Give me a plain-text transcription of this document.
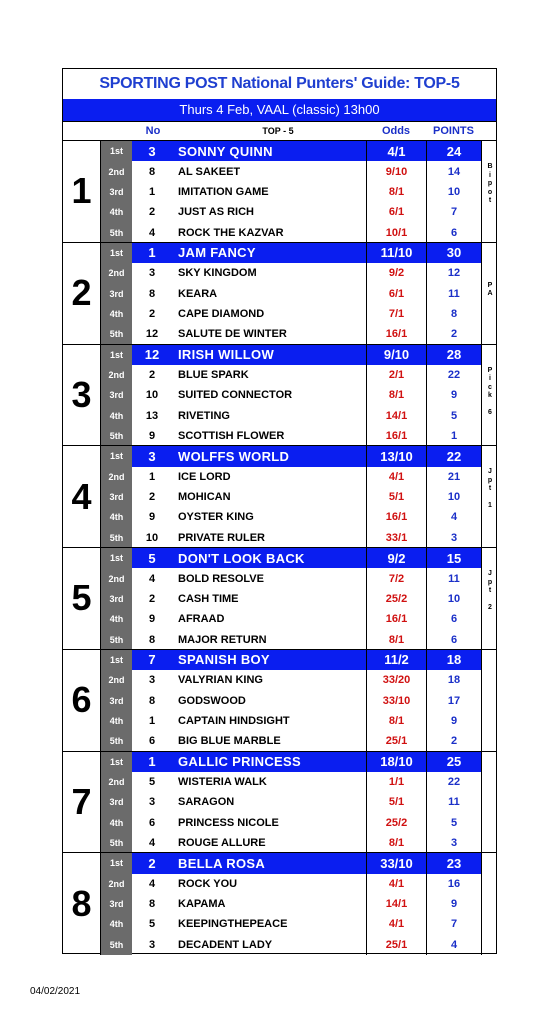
SPORTING POST National Punters' Guide: TOP-5
Thurs 4 Feb, VAAL (classic) 13h00
No	TOP - 5	Odds	POINTS
1
1st	3	SONNY QUINN	4/1	24
2nd	8	AL SAKEET	9/10	14
3rd	1	IMITATION GAME	8/1	10
4th	2	JUST AS RICH	6/1	7
5th	4	ROCK THE KAZVAR	10/1	6
B
i
p
o
t
2
1st	1	JAM FANCY	11/10	30
2nd	3	SKY KINGDOM	9/2	12
3rd	8	KEARA	6/1	11
4th	2	CAPE DIAMOND	7/1	8
5th	12	SALUTE DE WINTER	16/1	2

P
A
3
1st	12	IRISH WILLOW	9/10	28
2nd	2	BLUE SPARK	2/1	22
3rd	10	SUITED CONNECTOR	8/1	9
4th	13	RIVETING	14/1	5
5th	9	SCOTTISH FLOWER	16/1	1
P
i
c
k

6
4
1st	3	WOLFFS WORLD	13/10	22
2nd	1	ICE LORD	4/1	21
3rd	2	MOHICAN	5/1	10
4th	9	OYSTER KING	16/1	4
5th	10	PRIVATE RULER	33/1	3
J
p
t

1
5
1st	5	DON'T LOOK BACK	9/2	15
2nd	4	BOLD RESOLVE	7/2	11
3rd	2	CASH TIME	25/2	10
4th	9	AFRAAD	16/1	6
5th	8	MAJOR RETURN	8/1	6
J
p
t

2
6
1st	7	SPANISH BOY	11/2	18
2nd	3	VALYRIAN KING	33/20	18
3rd	8	GODSWOOD	33/10	17
4th	1	CAPTAIN HINDSIGHT	8/1	9
5th	6	BIG BLUE MARBLE	25/1	2
7
1st	1	GALLIC PRINCESS	18/10	25
2nd	5	WISTERIA WALK	1/1	22
3rd	3	SARAGON	5/1	11
4th	6	PRINCESS NICOLE	25/2	5
5th	4	ROUGE ALLURE	8/1	3
8
1st	2	BELLA ROSA	33/10	23
2nd	4	ROCK YOU	4/1	16
3rd	8	KAPAMA	14/1	9
4th	5	KEEPINGTHEPEACE	4/1	7
5th	3	DECADENT LADY	25/1	4
04/02/2021
